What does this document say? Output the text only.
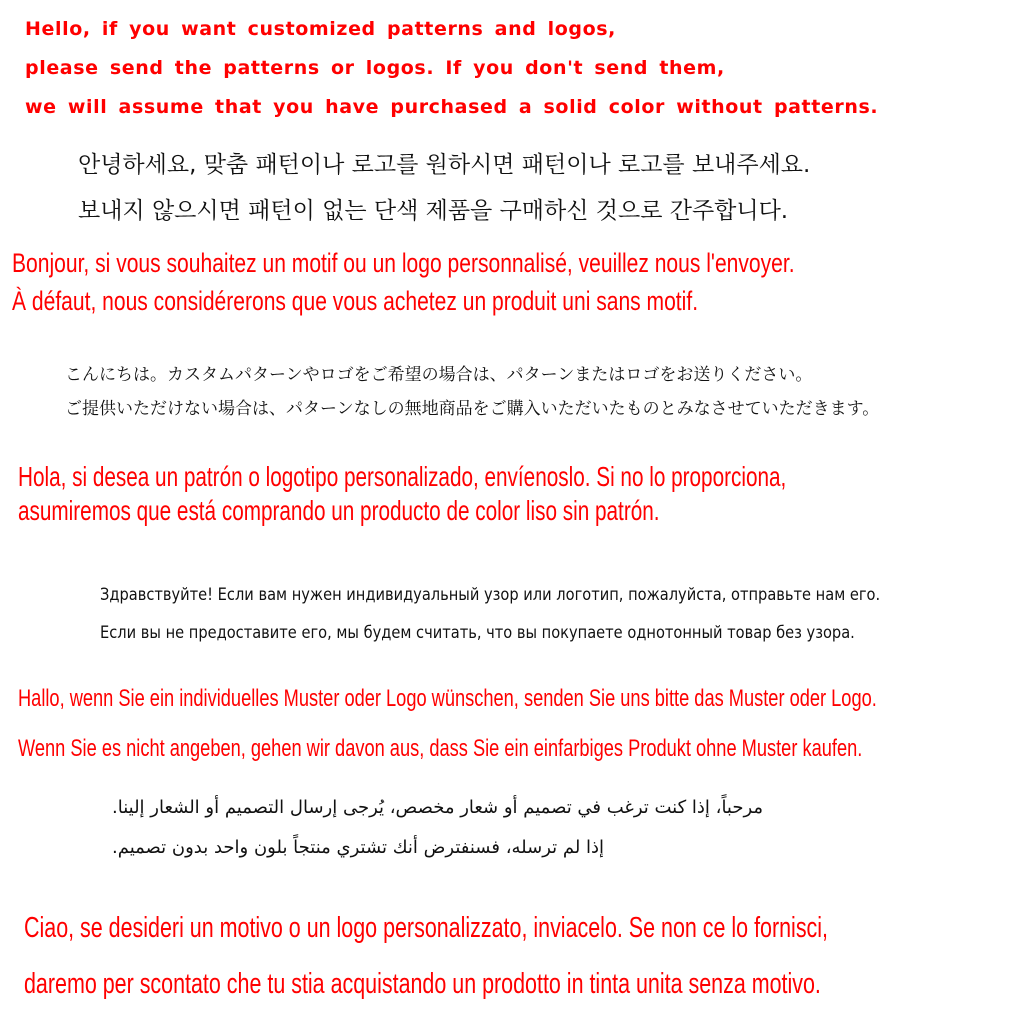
Hello, if you want customized patterns and logos,
please send the patterns or logos. If you don't send them,
we will assume that you have purchased a solid color without patterns.
안녕하세요, 맞춤 패턴이나 로고를 원하시면 패턴이나 로고를 보내주세요.
보내지 않으시면 패턴이 없는 단색 제품을 구매하신 것으로 간주합니다.
Bonjour, si vous souhaitez un motif ou un logo personnalisé, veuillez nous l'envoyer.
À défaut, nous considérerons que vous achetez un produit uni sans motif.
こんにちは。カスタムパターンやロゴをご希望の場合は、パターンまたはロゴをお送りください。
ご提供いただけない場合は、パターンなしの無地商品をご購入いただいたものとみなさせていただきます。
Hola, si desea un patrón o logotipo personalizado, envíenoslo. Si no lo proporciona,
asumiremos que está comprando un producto de color liso sin patrón.
Здравствуйте! Если вам нужен индивидуальный узор или логотип, пожалуйста, отправьте нам его.
Если вы не предоставите его, мы будем считать, что вы покупаете однотонный товар без узора.
Hallo, wenn Sie ein individuelles Muster oder Logo wünschen, senden Sie uns bitte das Muster oder Logo.
Wenn Sie es nicht angeben, gehen wir davon aus, dass Sie ein einfarbiges Produkt ohne Muster kaufen.
مرحباً، إذا كنت ترغب في تصميم أو شعار مخصص، يُرجى إرسال التصميم أو الشعار إلينا.
إذا لم ترسله، فسنفترض أنك تشتري منتجاً بلون واحد بدون تصميم.
Ciao, se desideri un motivo o un logo personalizzato, inviacelo. Se non ce lo fornisci,
daremo per scontato che tu stia acquistando un prodotto in tinta unita senza motivo.
